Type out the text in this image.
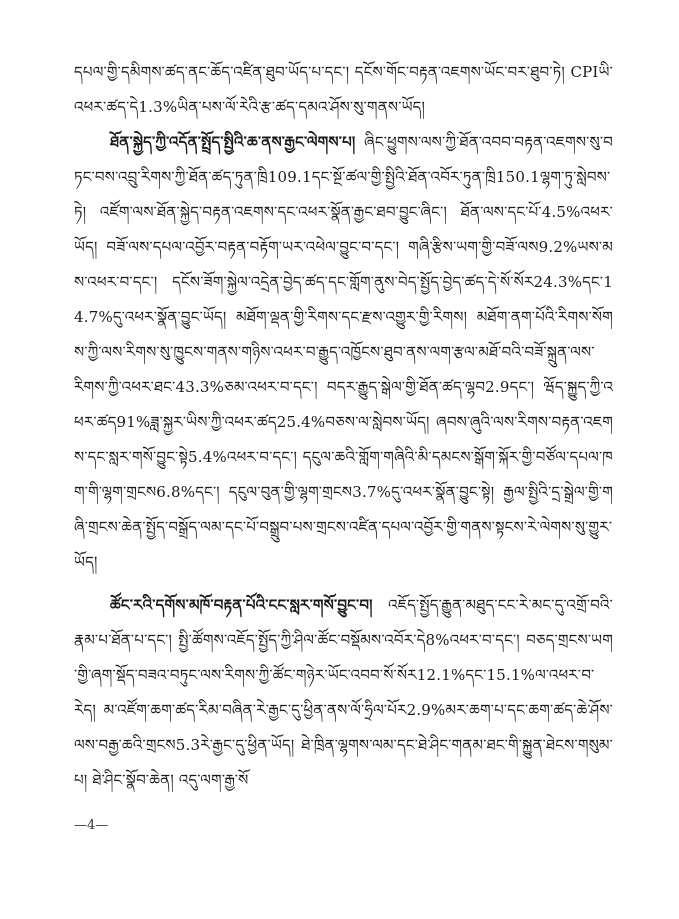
དཔལ་གྱི་དམིགས་ཚད་ནང་ཆོད་འཛིན་ཐུབ་ཡོད་པ་དང་། དངོས་གོང་བརྟན་འཇགས་ཡོང་བར་ཐུབ་ཏེ། CPIཡི་འཕར་ཚད་དེ1.3%ཡིན་པས་ལོ་རེའི་རྩ་ཚད་དམའ་ཤོས་སུ་གནས་ཡོད།

ཐོན་སྐྱེད་ཀྱི་འདོན་སྤྲོད་སྤྱིའི་ཆ་ནས་རྒྱང་ལེགས་པ། ཞིང་ཕྱུགས་ལས་ཀྱི་ཐོན་འབབ་བརྟན་འཇགས་སུ་བཏང་བས་འབྲུ་རིགས་ཀྱི་ཐོན་ཚད་ཏུན་ཁྲི109.1དང་སྔོ་ཚལ་གྱི་སྤྱིའི་ཐོན་འབོར་ཏུན་ཁྲི150.1ལྷག་ཏུ་སླེབས་ཏེ། འཛོག་ལས་ཐོན་སྐྱེད་བརྟན་འཇགས་དང་འཕར་སྣོན་རྒྱང་ཐབ་བྱུང་ཞིང་། ཐོན་ལས་དང་པོ་4.5%འཕར་ཡོད། བཟོ་ལས་དཔལ་འབྱོར་བརྟན་བརྟོག་ཡར་འཕེལ་བྱུང་བ་དང་། གཞི་རྩིས་ཡག་གྱི་བཟོ་ལས9.2%ཡས་མས་འཕར་བ་དང་། དངོས་ཟོག་སྐྱེལ་འདྲེན་བྱེད་ཚད་དང་གློག་ནུས་བེད་སྤྱོད་བྱེད་ཚད་དེ་སོ་སོར24.3%དང་14.7%དུ་འཕར་སྣོན་བྱུང་ཡོད། མཐོག་ལྡན་གྱི་རིགས་དང་རྫས་འགྱུར་གྱི་རིགས། མཐོག་ནག་པོའི་རིགས་སོགས་ཀྱི་ལས་རིགས་སུ་ཁྱུངས་གནས་གཉིས་འཕར་བ་རྒྱུད་འཁྱོངས་ཐུབ་ནས་ལག་རྩལ་མཐོ་བའི་བཟོ་སྐྲུན་ལས་རིགས་ཀྱི་འཕར་ཐང་43.3%ཅམ་འཕར་བ་དང་། བདར་རྒྱུད་སྒེལ་གྱི་ཐོན་ཚད་ལྷབ2.9དང་། ཝོད་སྐྱུད་ཀྱི་འཕར་ཚད91%ཟླ་སྐྱར་ཡིས་ཀྱི་འཕར་ཚད25.4%བཅས་ལ་སླེབས་ཡོད། ཞབས་ཞུའི་ལས་རིགས་བརྟན་འཇགས་དང་སླར་གསོ་བྱུང་སྟེ5.4%འཕར་བ་དང་། དངུལ་ཆའི་གློག་གཞིའི་མི་དམངས་སྒོག་སྐོར་གྱི་བཙོལ་དཔལ་ཁག་གི་ལྷག་གྲངས6.8%དང་། དངུལ་བུན་གྱི་ལྷག་གྲངས3.7%དུ་འཕར་སྣོན་བྱུང་སྟེ། རྒྱལ་སྤྱིའི་དྲ་སྒྲེལ་གྱི་གཞི་གྲངས་ཆེན་སྤྱོད་བསྒྲོད་ལམ་དང་པོ་བསྒྲུབ་པས་གྲངས་འཛིན་དཔལ་འབྱོར་གྱི་གནས་སྟངས་རེ་ལེགས་སུ་གྱུར་ཡོད།

ཚོང་རའི་དགོས་མཁོ་བརྟན་པོའི་ངང་སླར་གསོ་བྱུང་བ། འཇོད་སྤྱོད་རྒྱུན་མཐུད་ངང་རེ་མང་དུ་འགྲོ་བའི་རྣམ་པ་ཐོན་པ་དང་། སྤྱི་ཚོགས་འཇོད་སྤྱོད་ཀྱི་ཤིལ་ཚོང་བསྡོམས་འབོར་དེ8%འཕར་བ་དང་། བཅད་གྲངས་ཡག་གྱི་ཞག་སྡོད་བཟའ་བཏུང་ལས་རིགས་ཀྱི་ཚོང་གཉེར་ཡོང་འབབ་སོ་སོར12.1%དང་15.1%ལ་འཕར་བ་རེད། མ་འཛོག་ཆག་ཚད་རིམ་བཞིན་རེ་རྒྱང་དུ་ཕྱིན་ནས་ལོ་ཧྲིལ་པོར2.9%མར་ཆག་པ་དང་ཆག་ཚད་ཆེ་ཤོས་ལས་བརྒྱ་ཆའི་གྲངས5.3རེ་རྒྱང་དུ་ཕྱིན་ཡོད། ཐེ་ཁྲིན་ལྷགས་ལམ་དང་ཐེ་ཤིང་གནམ་ཐང་གི་སྐྱུན་ཐེངས་གསུམ་པ། ཐེ་ཤིང་སྣོབ་ཆེན། འདུ་ལག་རྒྱ་སོ

—4—
